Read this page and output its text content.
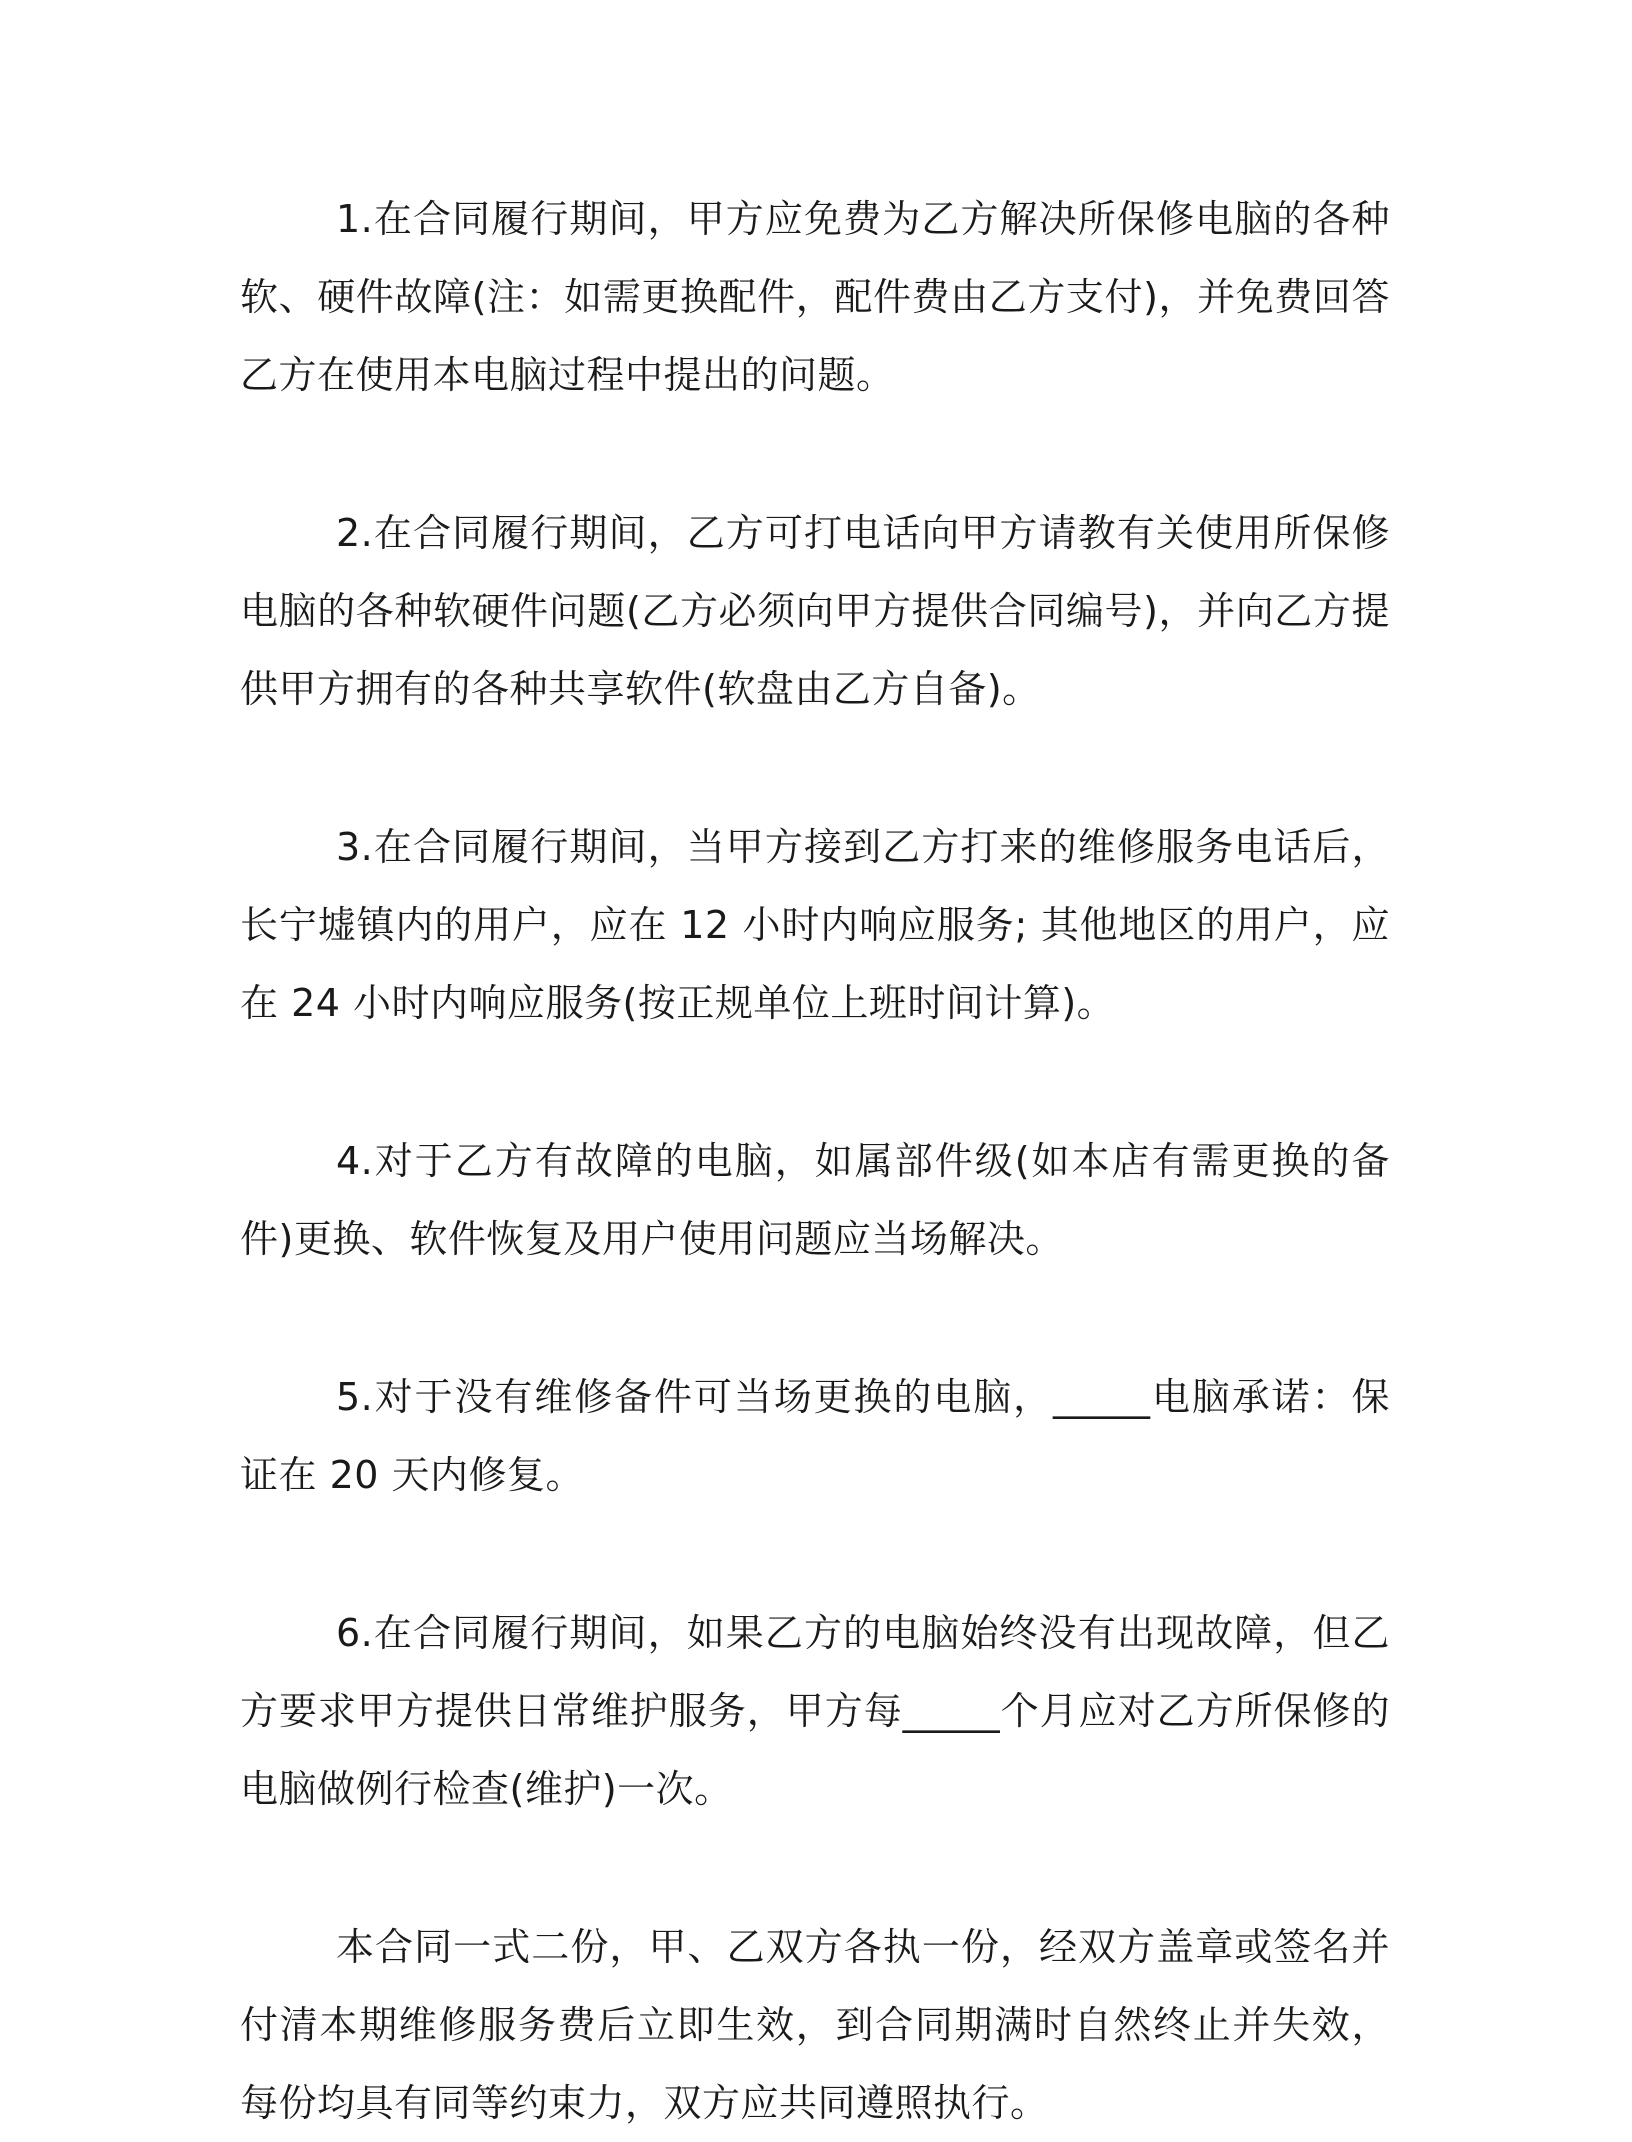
1.在合同履行期间，甲方应免费为乙方解决所保修电脑的各种软、硬件故障(注：如需更换配件，配件费由乙方支付)，并免费回答乙方在使用本电脑过程中提出的问题。

2.在合同履行期间，乙方可打电话向甲方请教有关使用所保修电脑的各种软硬件问题(乙方必须向甲方提供合同编号)，并向乙方提供甲方拥有的各种共享软件(软盘由乙方自备)。

3.在合同履行期间，当甲方接到乙方打来的维修服务电话后，长宁墟镇内的用户，应在 12 小时内响应服务; 其他地区的用户，应在 24 小时内响应服务(按正规单位上班时间计算)。

4.对于乙方有故障的电脑，如属部件级(如本店有需更换的备件)更换、软件恢复及用户使用问题应当场解决。

5.对于没有维修备件可当场更换的电脑，_____电脑承诺：保证在 20 天内修复。

6.在合同履行期间，如果乙方的电脑始终没有出现故障，但乙方要求甲方提供日常维护服务，甲方每_____个月应对乙方所保修的电脑做例行检查(维护)一次。

本合同一式二份，甲、乙双方各执一份，经双方盖章或签名并付清本期维修服务费后立即生效，到合同期满时自然终止并失效，每份均具有同等约束力，双方应共同遵照执行。
